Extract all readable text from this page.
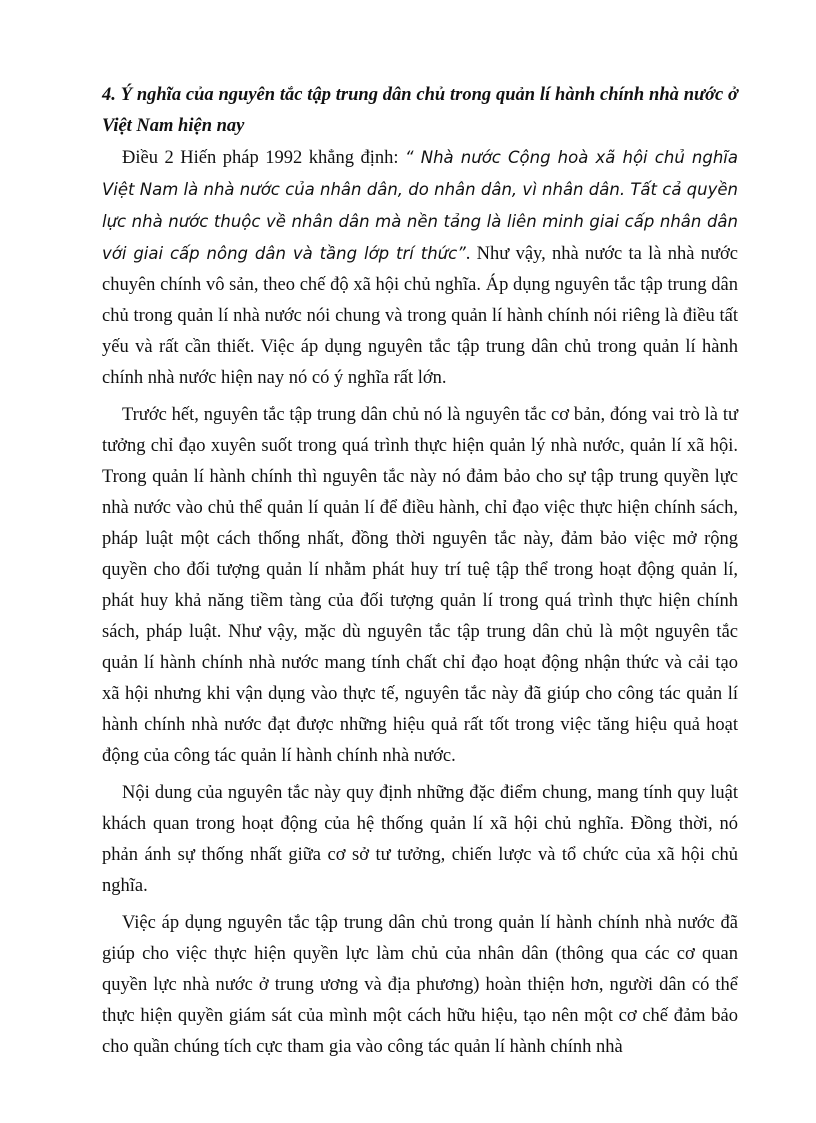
4. Ý nghĩa của nguyên tắc tập trung dân chủ trong quản lí hành chính nhà nước ở Việt Nam hiện nay

Điều 2 Hiến pháp 1992 khẳng định: “ Nhà nước Cộng hoà xã hội chủ nghĩa Việt Nam là nhà nước của nhân dân, do nhân dân, vì nhân dân. Tất cả quyền lực nhà nước thuộc về nhân dân mà nền tảng là liên minh giai cấp nhân dân với giai cấp nông dân và tầng lớp trí thức”. Như vậy, nhà nước ta là nhà nước chuyên chính vô sản, theo chế độ xã hội chủ nghĩa. Áp dụng nguyên tắc tập trung dân chủ trong quản lí nhà nước nói chung và trong quản lí hành chính nói riêng là điều tất yếu và rất cần thiết. Việc áp dụng nguyên tắc tập trung dân chủ trong quản lí hành chính nhà nước hiện nay nó có ý nghĩa rất lớn.

Trước hết, nguyên tắc tập trung dân chủ nó là nguyên tắc cơ bản, đóng vai trò là tư tưởng chỉ đạo xuyên suốt trong quá trình thực hiện quản lý nhà nước, quản lí xã hội. Trong quản lí hành chính thì nguyên tắc này nó đảm bảo cho sự tập trung quyền lực nhà nước vào chủ thể quản lí quản lí để điều hành, chỉ đạo việc thực hiện chính sách, pháp luật một cách thống nhất, đồng thời nguyên tắc này, đảm bảo việc mở rộng quyền cho đối tượng quản lí nhằm phát huy trí tuệ tập thể trong hoạt động quản lí, phát huy khả năng tiềm tàng của đối tượng quản lí trong quá trình thực hiện chính sách, pháp luật. Như vậy, mặc dù nguyên tắc tập trung dân chủ là một nguyên tắc quản lí hành chính nhà nước mang tính chất chỉ đạo hoạt động nhận thức và cải tạo xã hội nhưng khi vận dụng vào thực tế, nguyên tắc này đã giúp cho công tác quản lí hành chính nhà nước đạt được những hiệu quả rất tốt trong việc tăng hiệu quả hoạt động của công tác quản lí hành chính nhà nước.

Nội dung của nguyên tắc này quy định những đặc điểm chung, mang tính quy luật khách quan trong hoạt động của hệ thống quản lí xã hội chủ nghĩa. Đồng thời, nó phản ánh sự thống nhất giữa cơ sở tư tưởng, chiến lược và tổ chức của xã hội chủ nghĩa.

Việc áp dụng nguyên tắc tập trung dân chủ trong quản lí hành chính nhà nước đã giúp cho việc thực hiện quyền lực làm chủ của nhân dân (thông qua các cơ quan quyền lực nhà nước ở trung ương và địa phương) hoàn thiện hơn, người dân có thể thực hiện quyền giám sát của mình một cách hữu hiệu, tạo nên một cơ chế đảm bảo cho quần chúng tích cực tham gia vào công tác quản lí hành chính nhà
